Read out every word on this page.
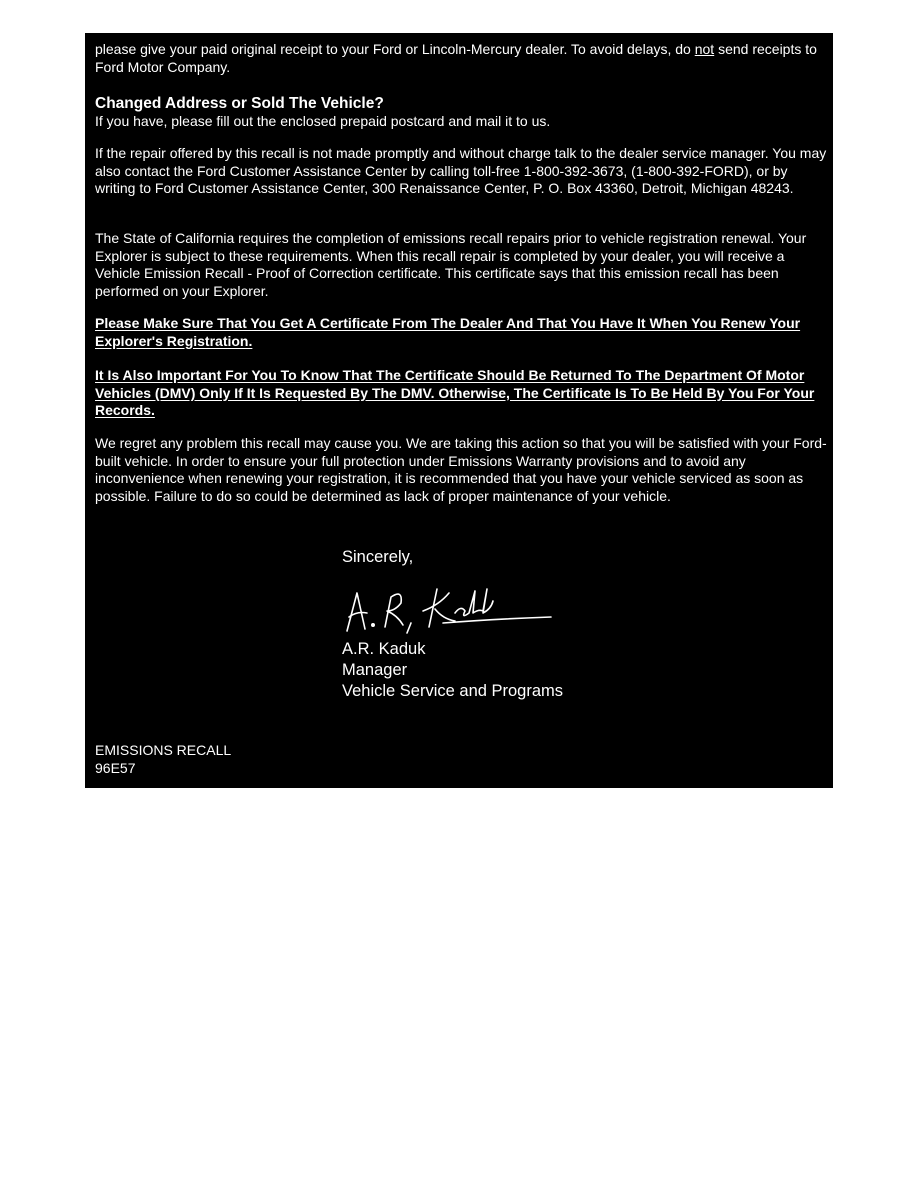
please give your paid original receipt to your Ford or Lincoln-Mercury dealer. To avoid delays, do not send receipts to Ford Motor Company.

Changed Address or Sold The Vehicle?

If you have, please fill out the enclosed prepaid postcard and mail it to us.

If the repair offered by this recall is not made promptly and without charge talk to the dealer service manager. You may also contact the Ford Customer Assistance Center by calling toll-free 1-800-392-3673, (1-800-392-FORD), or by writing to Ford Customer Assistance Center, 300 Renaissance Center, P. O. Box 43360, Detroit, Michigan 48243.

The State of California requires the completion of emissions recall repairs prior to vehicle registration renewal. Your Explorer is subject to these requirements. When this recall repair is completed by your dealer, you will receive a Vehicle Emission Recall - Proof of Correction certificate. This certificate says that this emission recall has been performed on your Explorer.

Please Make Sure That You Get A Certificate From The Dealer And That You Have It When You Renew Your Explorer's Registration.

It Is Also Important For You To Know That The Certificate Should Be Returned To The Department Of Motor Vehicles (DMV) Only If It Is Requested By The DMV. Otherwise, The Certificate Is To Be Held By You For Your Records.

We regret any problem this recall may cause you. We are taking this action so that you will be satisfied with your Ford-built vehicle. In order to ensure your full protection under Emissions Warranty provisions and to avoid any inconvenience when renewing your registration, it is recommended that you have your vehicle serviced as soon as possible. Failure to do so could be determined as lack of proper maintenance of your vehicle.

Sincerely,

A.R. Kaduk

Manager

Vehicle Service and Programs

EMISSIONS RECALL
96E57
